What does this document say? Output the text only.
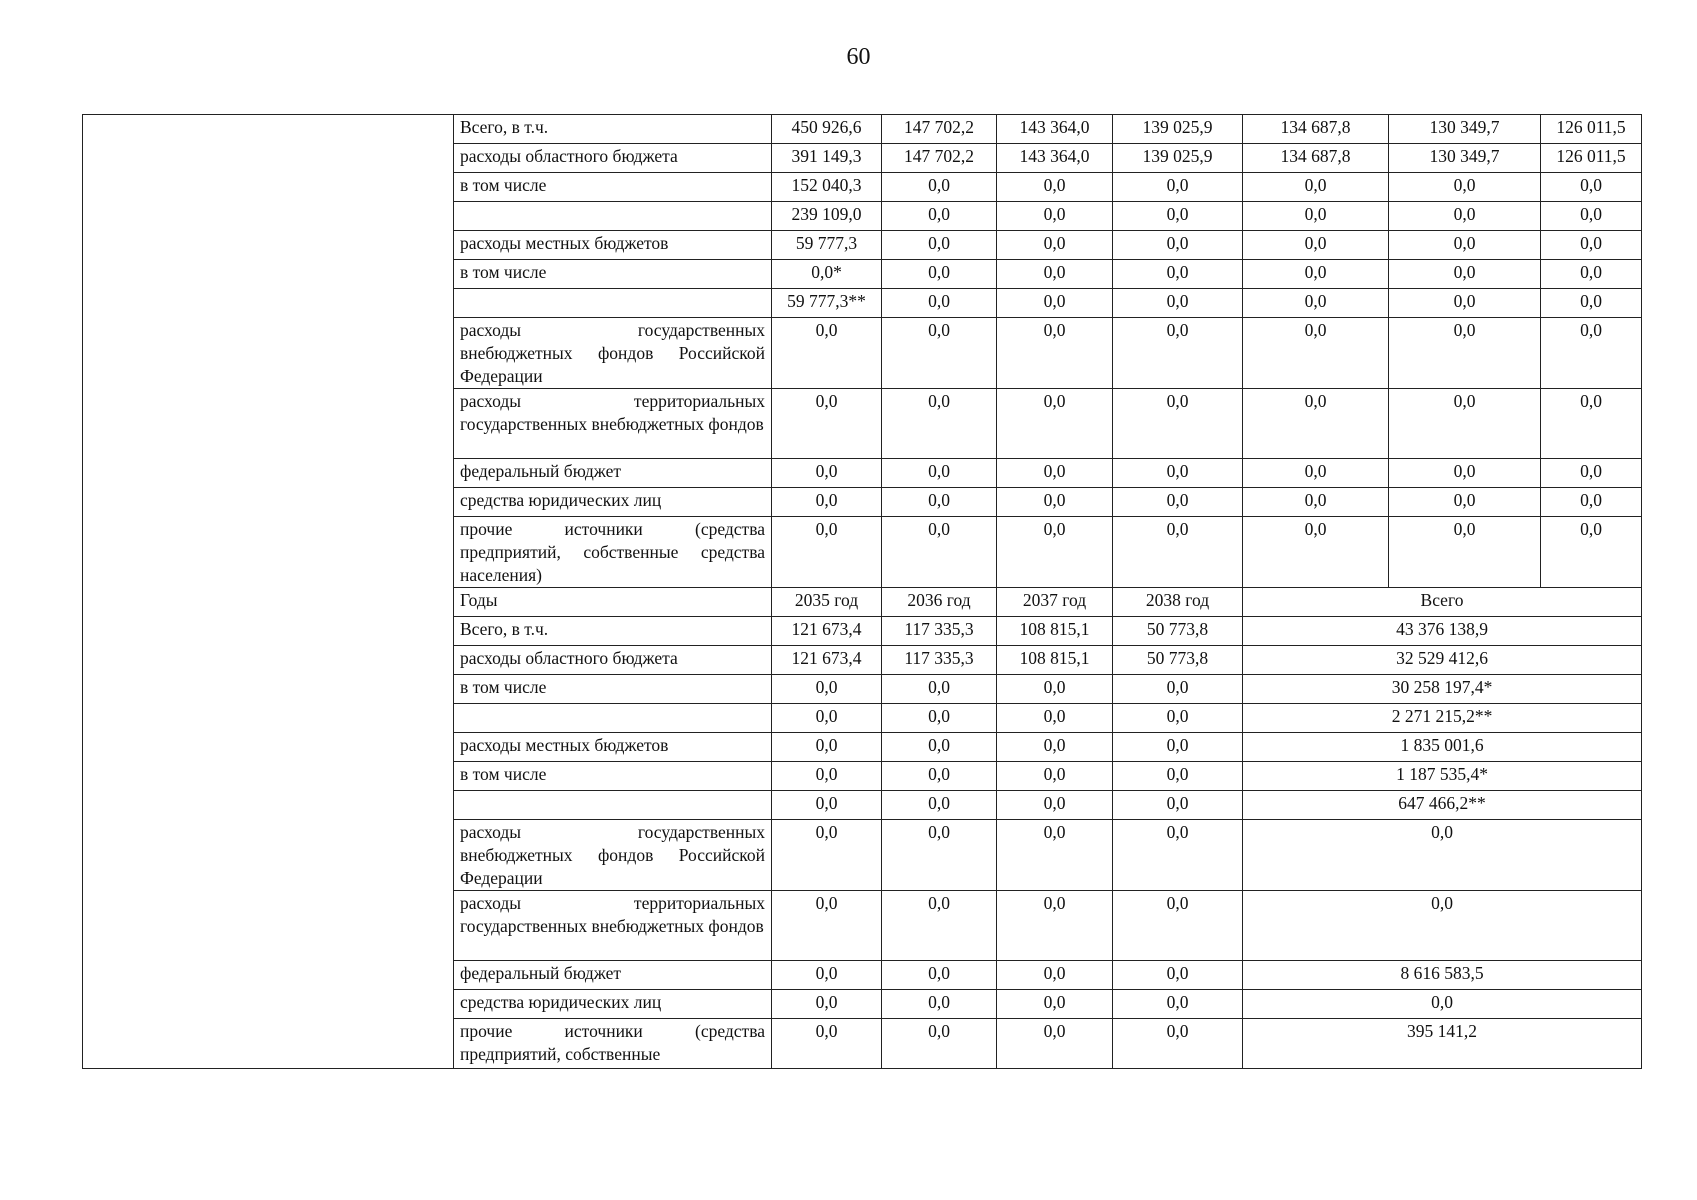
60
	Всего, в т.ч.	450 926,6	147 702,2	143 364,0	139 025,9	134 687,8	130 349,7	126 011,5
	расходы областного бюджета	391 149,3	147 702,2	143 364,0	139 025,9	134 687,8	130 349,7	126 011,5
	в том числе	152 040,3	0,0	0,0	0,0	0,0	0,0	0,0
		239 109,0	0,0	0,0	0,0	0,0	0,0	0,0
	расходы местных бюджетов	59 777,3	0,0	0,0	0,0	0,0	0,0	0,0
	в том числе	0,0*	0,0	0,0	0,0	0,0	0,0	0,0
		59 777,3**	0,0	0,0	0,0	0,0	0,0	0,0
	расходы государственных внебюджетных фондов Российской Федерации	0,0	0,0	0,0	0,0	0,0	0,0	0,0
	расходы территориальных государственных внебюджетных фондов	0,0	0,0	0,0	0,0	0,0	0,0	0,0
	федеральный бюджет	0,0	0,0	0,0	0,0	0,0	0,0	0,0
	средства юридических лиц	0,0	0,0	0,0	0,0	0,0	0,0	0,0
	прочие источники (средства предприятий, собственные средства населения)	0,0	0,0	0,0	0,0	0,0	0,0	0,0
	Годы	2035 год	2036 год	2037 год	2038 год	Всего		
	Всего, в т.ч.	121 673,4	117 335,3	108 815,1	50 773,8	43 376 138,9		
	расходы областного бюджета	121 673,4	117 335,3	108 815,1	50 773,8	32 529 412,6		
	в том числе	0,0	0,0	0,0	0,0	30 258 197,4*		
		0,0	0,0	0,0	0,0	2 271 215,2**		
	расходы местных бюджетов	0,0	0,0	0,0	0,0	1 835 001,6		
	в том числе	0,0	0,0	0,0	0,0	1 187 535,4*		
		0,0	0,0	0,0	0,0	647 466,2**		
	расходы государственных внебюджетных фондов Российской Федерации	0,0	0,0	0,0	0,0	0,0		
	расходы территориальных государственных внебюджетных фондов	0,0	0,0	0,0	0,0	0,0		
	федеральный бюджет	0,0	0,0	0,0	0,0	8 616 583,5		
	средства юридических лиц	0,0	0,0	0,0	0,0	0,0		
	прочие источники (средства предприятий, собственные	0,0	0,0	0,0	0,0	395 141,2		
